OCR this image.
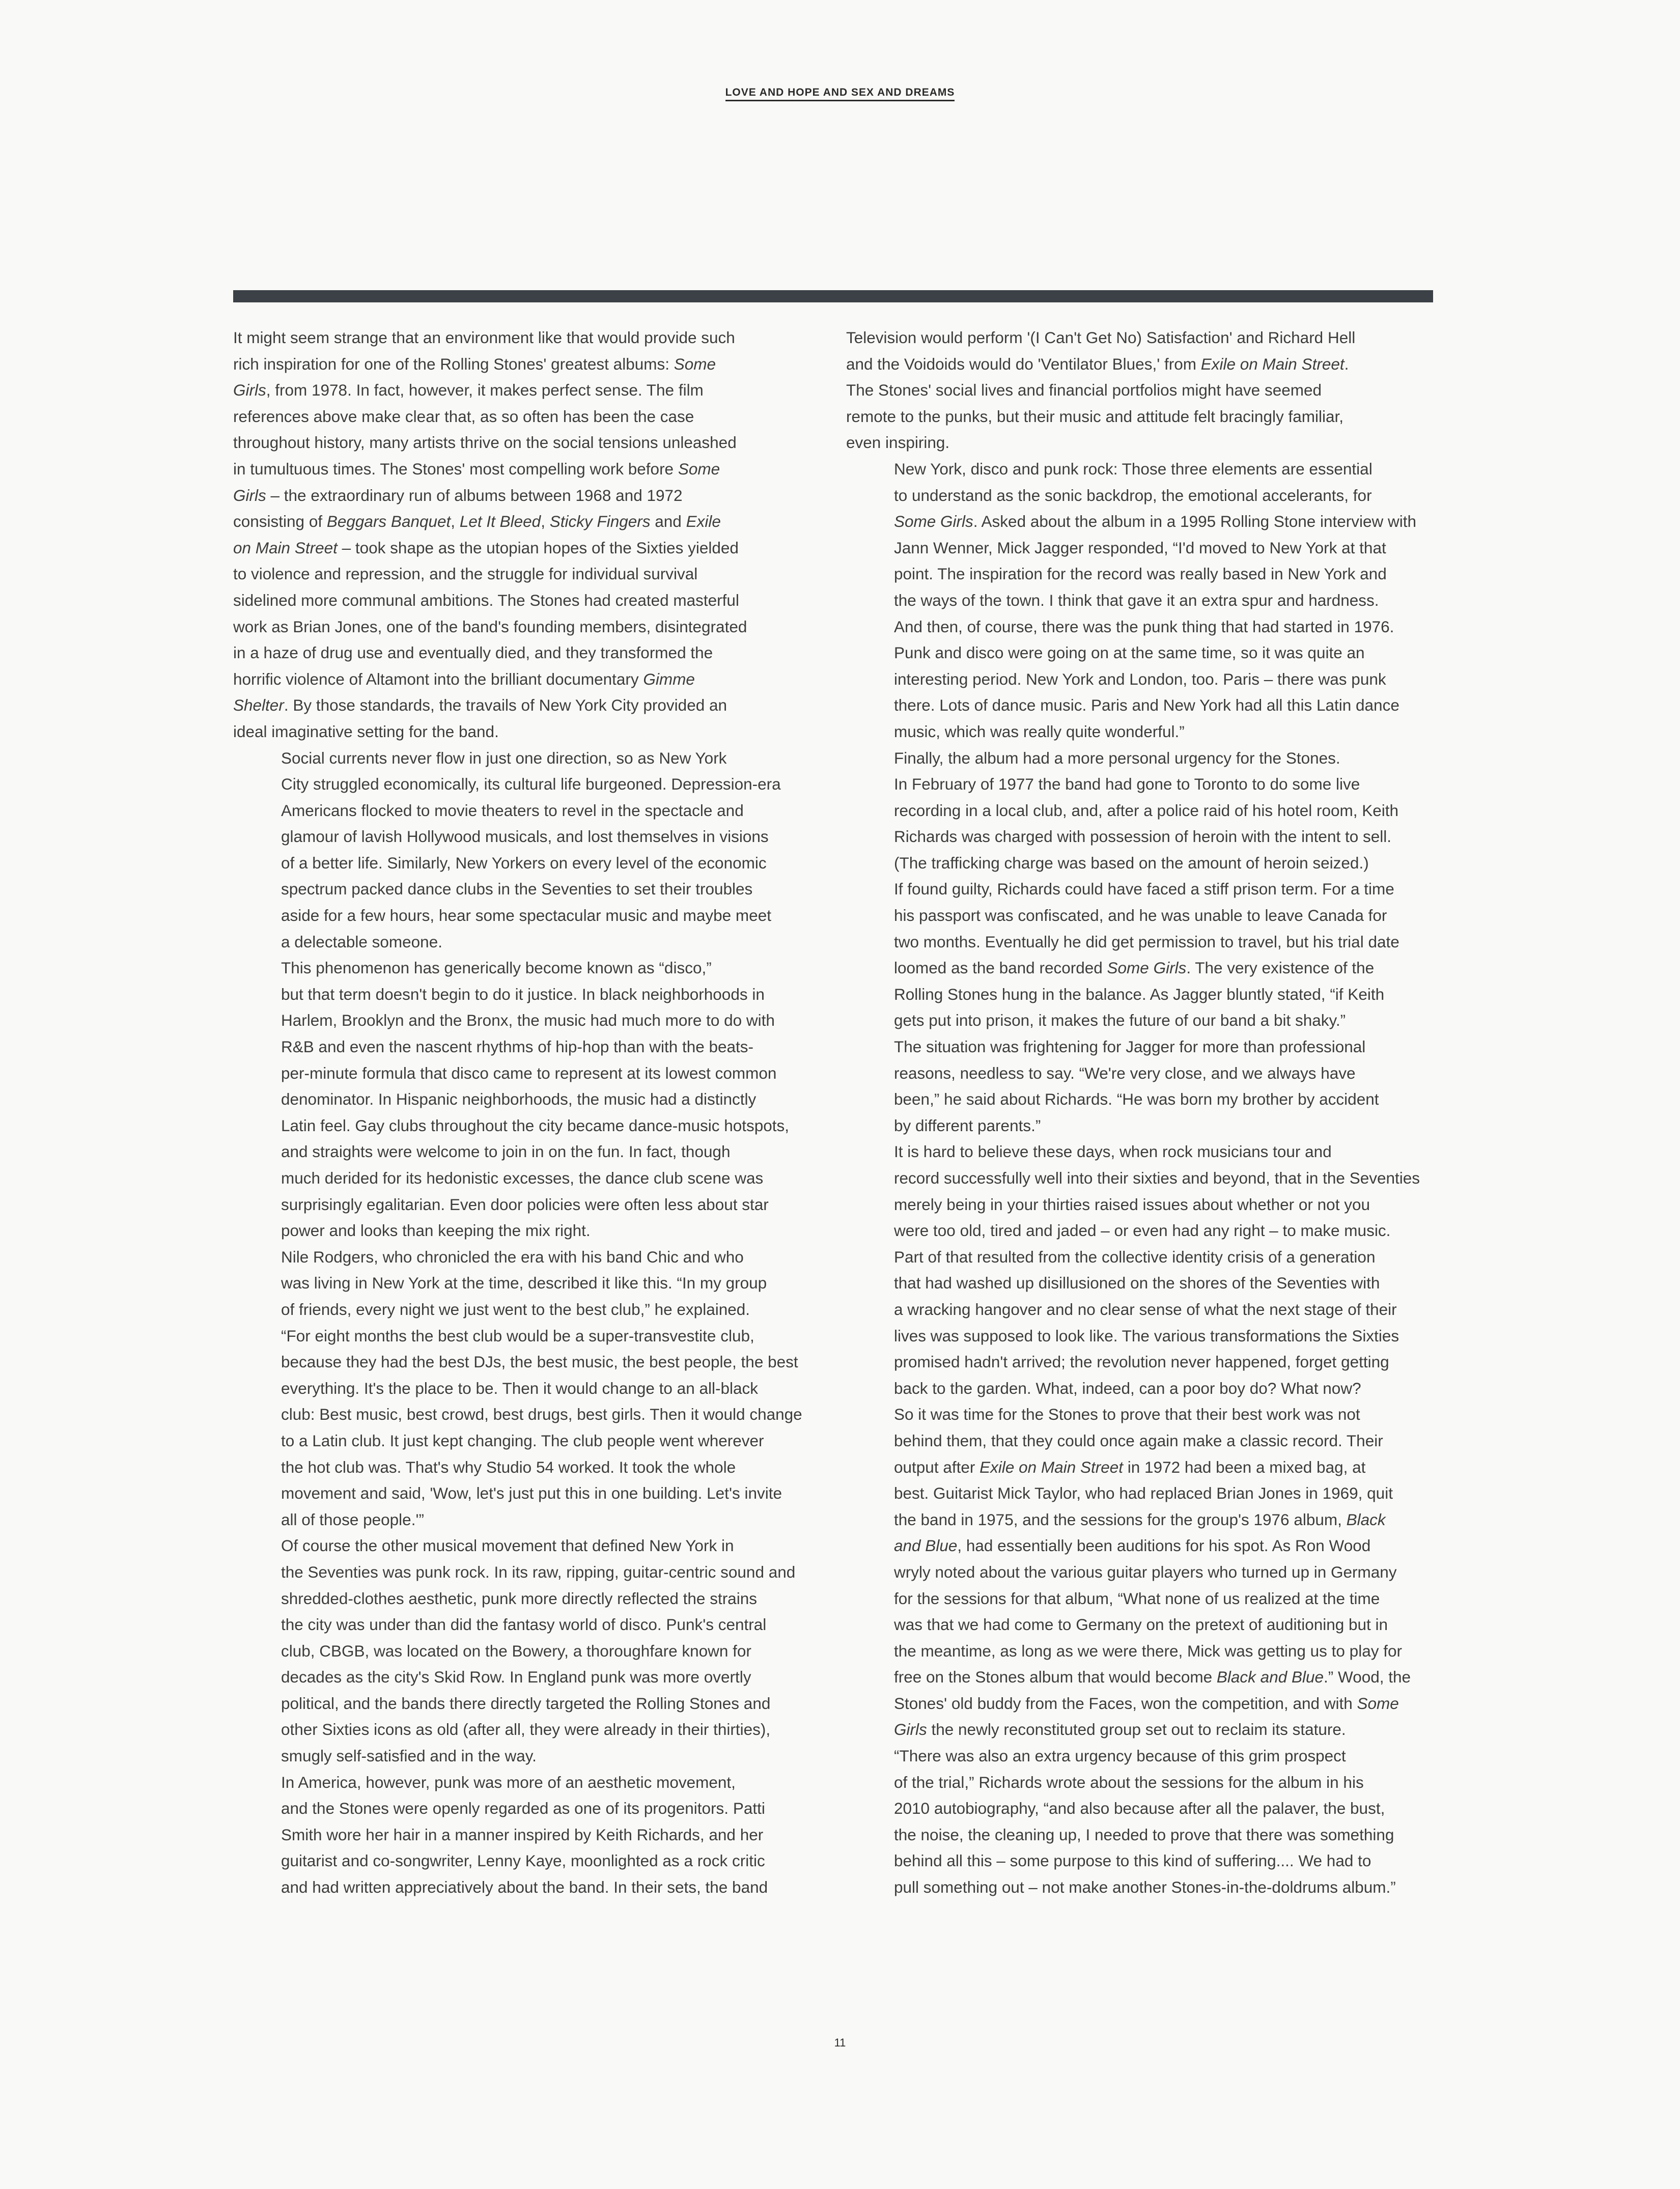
LOVE AND HOPE AND SEX AND DREAMS

It might seem strange that an environment like that would provide such
rich inspiration for one of the Rolling Stones' greatest albums: Some
Girls, from 1978. In fact, however, it makes perfect sense. The film
references above make clear that, as so often has been the case
throughout history, many artists thrive on the social tensions unleashed
in tumultuous times. The Stones' most compelling work before Some
Girls – the extraordinary run of albums between 1968 and 1972
consisting of Beggars Banquet, Let It Bleed, Sticky Fingers and Exile
on Main Street – took shape as the utopian hopes of the Sixties yielded
to violence and repression, and the struggle for individual survival
sidelined more communal ambitions. The Stones had created masterful
work as Brian Jones, one of the band's founding members, disintegrated
in a haze of drug use and eventually died, and they transformed the
horrific violence of Altamont into the brilliant documentary Gimme
Shelter. By those standards, the travails of New York City provided an
ideal imaginative setting for the band.

Social currents never flow in just one direction, so as New York
City struggled economically, its cultural life burgeoned. Depression-era
Americans flocked to movie theaters to revel in the spectacle and
glamour of lavish Hollywood musicals, and lost themselves in visions
of a better life. Similarly, New Yorkers on every level of the economic
spectrum packed dance clubs in the Seventies to set their troubles
aside for a few hours, hear some spectacular music and maybe meet
a delectable someone.

This phenomenon has generically become known as “disco,”
but that term doesn't begin to do it justice. In black neighborhoods in
Harlem, Brooklyn and the Bronx, the music had much more to do with
R&B and even the nascent rhythms of hip-hop than with the beats-
per-minute formula that disco came to represent at its lowest common
denominator. In Hispanic neighborhoods, the music had a distinctly
Latin feel. Gay clubs throughout the city became dance-music hotspots,
and straights were welcome to join in on the fun. In fact, though
much derided for its hedonistic excesses, the dance club scene was
surprisingly egalitarian. Even door policies were often less about star
power and looks than keeping the mix right.

Nile Rodgers, who chronicled the era with his band Chic and who
was living in New York at the time, described it like this. “In my group
of friends, every night we just went to the best club,” he explained.
“For eight months the best club would be a super-transvestite club,
because they had the best DJs, the best music, the best people, the best
everything. It's the place to be. Then it would change to an all-black
club: Best music, best crowd, best drugs, best girls. Then it would change
to a Latin club. It just kept changing. The club people went wherever
the hot club was. That's why Studio 54 worked. It took the whole
movement and said, 'Wow, let's just put this in one building. Let's invite
all of those people.'”

Of course the other musical movement that defined New York in
the Seventies was punk rock. In its raw, ripping, guitar-centric sound and
shredded-clothes aesthetic, punk more directly reflected the strains
the city was under than did the fantasy world of disco. Punk's central
club, CBGB, was located on the Bowery, a thoroughfare known for
decades as the city's Skid Row. In England punk was more overtly
political, and the bands there directly targeted the Rolling Stones and
other Sixties icons as old (after all, they were already in their thirties),
smugly self-satisfied and in the way.

In America, however, punk was more of an aesthetic movement,
and the Stones were openly regarded as one of its progenitors. Patti
Smith wore her hair in a manner inspired by Keith Richards, and her
guitarist and co-songwriter, Lenny Kaye, moonlighted as a rock critic
and had written appreciatively about the band. In their sets, the band

Television would perform '(I Can't Get No) Satisfaction' and Richard Hell
and the Voidoids would do 'Ventilator Blues,' from Exile on Main Street.
The Stones' social lives and financial portfolios might have seemed
remote to the punks, but their music and attitude felt bracingly familiar,
even inspiring.

New York, disco and punk rock: Those three elements are essential
to understand as the sonic backdrop, the emotional accelerants, for
Some Girls. Asked about the album in a 1995 Rolling Stone interview with
Jann Wenner, Mick Jagger responded, “I'd moved to New York at that
point. The inspiration for the record was really based in New York and
the ways of the town. I think that gave it an extra spur and hardness.
And then, of course, there was the punk thing that had started in 1976.
Punk and disco were going on at the same time, so it was quite an
interesting period. New York and London, too. Paris – there was punk
there. Lots of dance music. Paris and New York had all this Latin dance
music, which was really quite wonderful.”

Finally, the album had a more personal urgency for the Stones.
In February of 1977 the band had gone to Toronto to do some live
recording in a local club, and, after a police raid of his hotel room, Keith
Richards was charged with possession of heroin with the intent to sell.
(The trafficking charge was based on the amount of heroin seized.)
If found guilty, Richards could have faced a stiff prison term. For a time
his passport was confiscated, and he was unable to leave Canada for
two months. Eventually he did get permission to travel, but his trial date
loomed as the band recorded Some Girls. The very existence of the
Rolling Stones hung in the balance. As Jagger bluntly stated, “if Keith
gets put into prison, it makes the future of our band a bit shaky.”
The situation was frightening for Jagger for more than professional
reasons, needless to say. “We're very close, and we always have
been,” he said about Richards. “He was born my brother by accident
by different parents.”

It is hard to believe these days, when rock musicians tour and
record successfully well into their sixties and beyond, that in the Seventies
merely being in your thirties raised issues about whether or not you
were too old, tired and jaded – or even had any right – to make music.
Part of that resulted from the collective identity crisis of a generation
that had washed up disillusioned on the shores of the Seventies with
a wracking hangover and no clear sense of what the next stage of their
lives was supposed to look like. The various transformations the Sixties
promised hadn't arrived; the revolution never happened, forget getting
back to the garden. What, indeed, can a poor boy do? What now?

So it was time for the Stones to prove that their best work was not
behind them, that they could once again make a classic record. Their
output after Exile on Main Street in 1972 had been a mixed bag, at
best. Guitarist Mick Taylor, who had replaced Brian Jones in 1969, quit
the band in 1975, and the sessions for the group's 1976 album, Black
and Blue, had essentially been auditions for his spot. As Ron Wood
wryly noted about the various guitar players who turned up in Germany
for the sessions for that album, “What none of us realized at the time
was that we had come to Germany on the pretext of auditioning but in
the meantime, as long as we were there, Mick was getting us to play for
free on the Stones album that would become Black and Blue.” Wood, the
Stones' old buddy from the Faces, won the competition, and with Some
Girls the newly reconstituted group set out to reclaim its stature.

“There was also an extra urgency because of this grim prospect
of the trial,” Richards wrote about the sessions for the album in his
2010 autobiography, “and also because after all the palaver, the bust,
the noise, the cleaning up, I needed to prove that there was something
behind all this – some purpose to this kind of suffering.... We had to
pull something out – not make another Stones-in-the-doldrums album.”

11
